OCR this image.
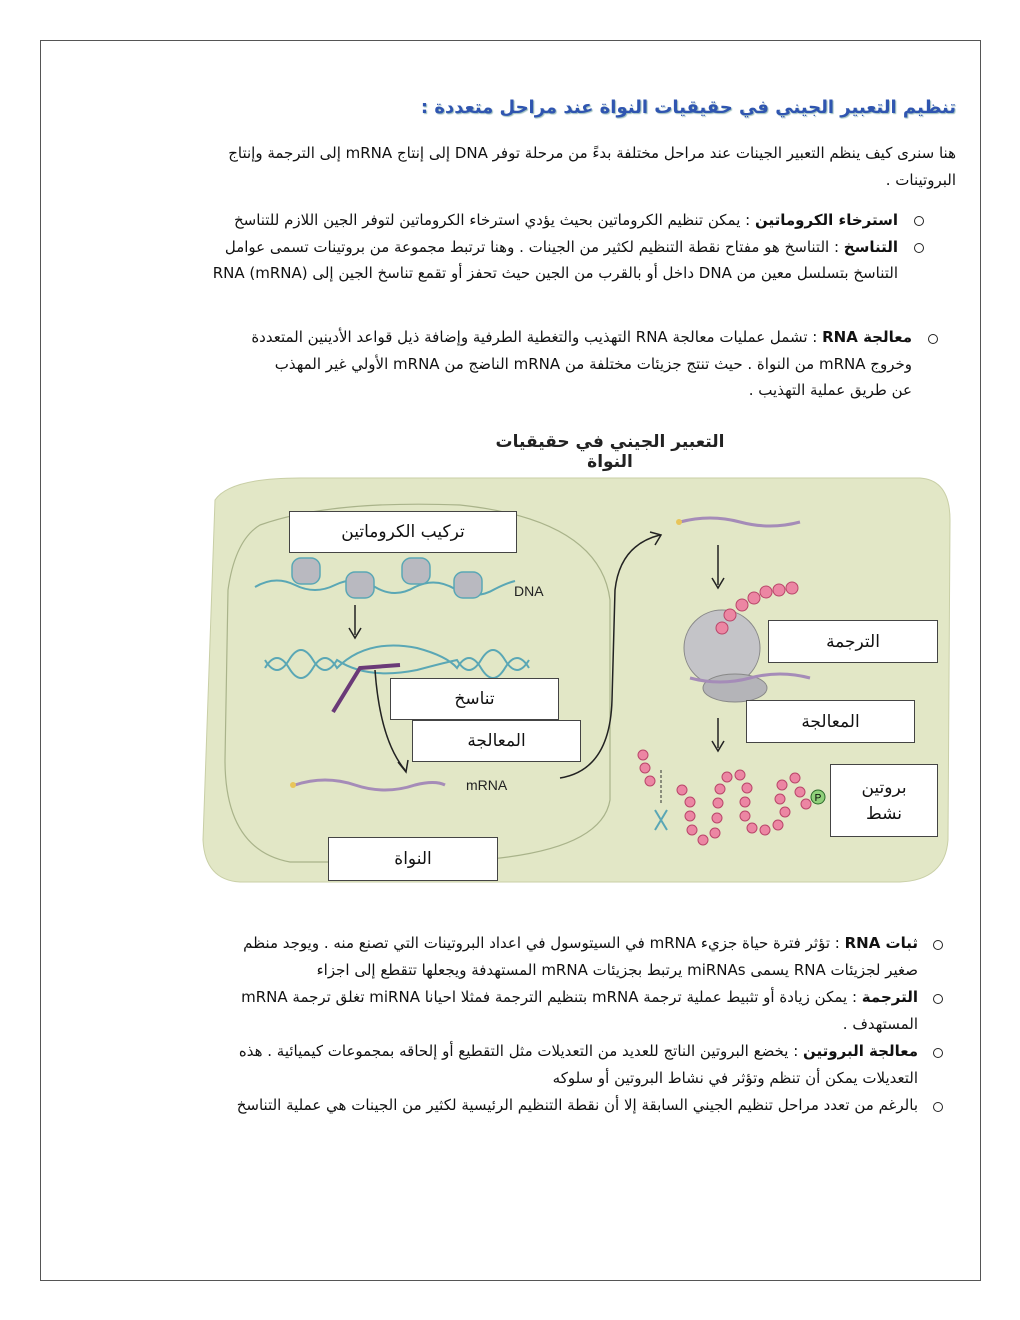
تنظيم التعبير الجيني في حقيقيات النواة عند مراحل متعددة :
هنا سنرى كيف ينظم التعبير الجينات عند مراحل مختلفة بدءً من مرحلة توفر DNA إلى إنتاج mRNA إلى الترجمة وإنتاج
البروتينات .
استرخاء الكروماتين : يمكن تنظيم الكروماتين بحيث يؤدي استرخاء الكروماتين لتوفر الجين اللازم للتناسخ
التناسخ : التناسخ هو مفتاح نقطة التنظيم لكثير من الجينات . وهنا ترتبط مجموعة من بروتينات تسمى عوامل
التناسخ بتسلسل معين من DNA داخل أو بالقرب من الجين حيث تحفز أو تقمع تناسخ الجين إلى RNA (mRNA)
معالجة RNA : تشمل عمليات معالجة RNA التهذيب والتغطية الطرفية وإضافة ذيل قواعد الأدينين المتعددة
وخروج mRNA من النواة . حيث تنتج جزيئات مختلفة من mRNA الناضج من mRNA الأولي غير المهذب
عن طريق عملية التهذيب .
التعبير الجيني في حقيقيات النواة
P
DNA
mRNA
تركيب الكروماتين
تناسخ
المعالجة
النواة
الترجمة
المعالجة
بروتين
نشط
ثبات RNA : تؤثر فترة حياة جزيء mRNA في السيتوسول في اعداد البروتينات التي تصنع منه . ويوجد منظم
صغير لجزيئات RNA يسمى miRNAs يرتبط بجزيئات mRNA المستهدفة ويجعلها تتقطع إلى اجزاء
الترجمة : يمكن زيادة أو تثبيط عملية ترجمة mRNA بتنظيم الترجمة فمثلا احيانا miRNA تغلق ترجمة mRNA
المستهدف .
معالجة البروتين : يخضع البروتين الناتج للعديد من التعديلات مثل التقطيع أو إلحاقه بمجموعات كيميائية . هذه
التعديلات يمكن أن تنظم وتؤثر في نشاط البروتين أو سلوكه
بالرغم من تعدد مراحل تنظيم الجيني السابقة إلا أن نقطة التنظيم الرئيسية لكثير من الجينات هي عملية التناسخ
